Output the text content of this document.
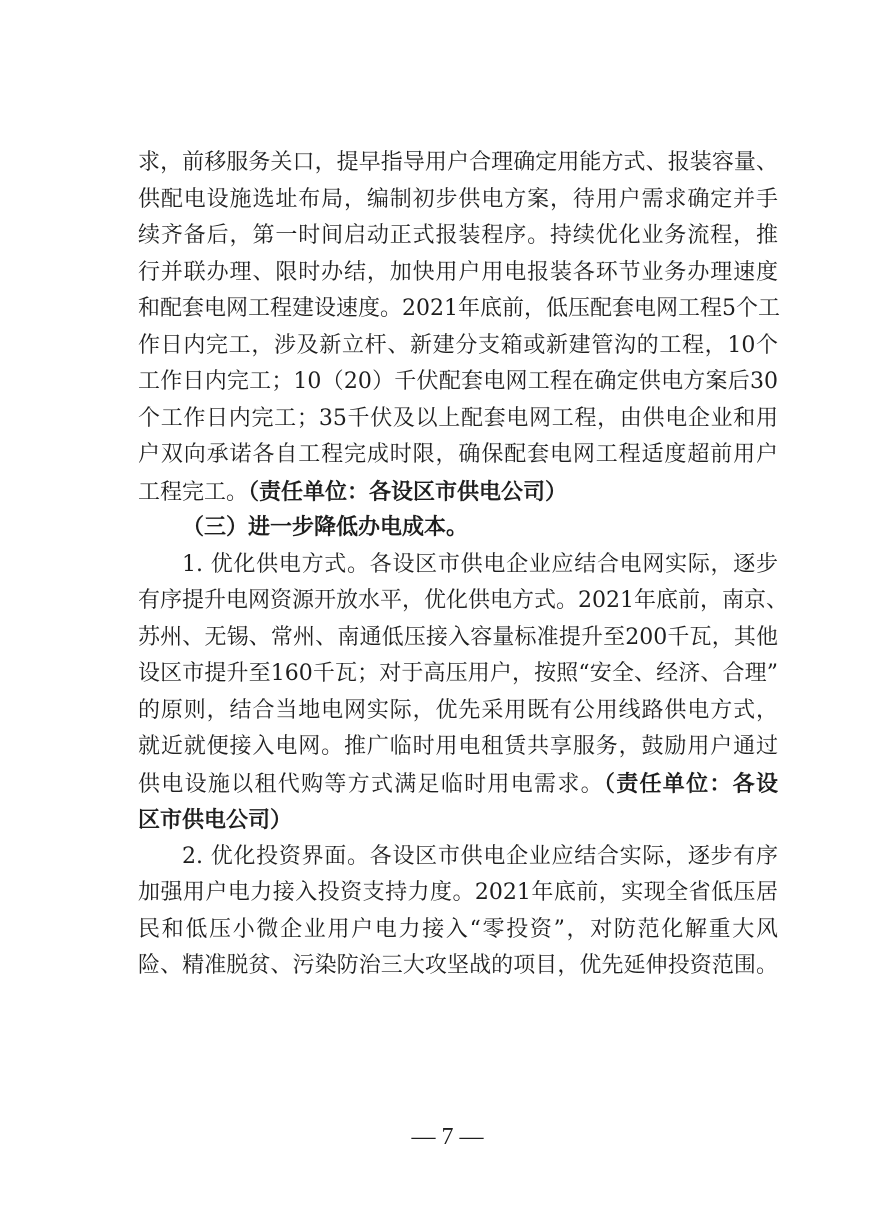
求，前移服务关口，提早指导用户合理确定用能方式、报装容量、
供配电设施选址布局，编制初步供电方案，待用户需求确定并手
续齐备后，第一时间启动正式报装程序。持续优化业务流程，推
行并联办理、限时办结，加快用户用电报装各环节业务办理速度
和配套电网工程建设速度。2021年底前，低压配套电网工程5个工
作日内完工，涉及新立杆、新建分支箱或新建管沟的工程，10个
工作日内完工；10（20）千伏配套电网工程在确定供电方案后30
个工作日内完工；35千伏及以上配套电网工程，由供电企业和用
户双向承诺各自工程完成时限，确保配套电网工程适度超前用户
工程完工。（责任单位：各设区市供电公司）
（三）进一步降低办电成本。
1. 优化供电方式。各设区市供电企业应结合电网实际，逐步
有序提升电网资源开放水平，优化供电方式。2021年底前，南京、
苏州、无锡、常州、南通低压接入容量标准提升至200千瓦，其他
设区市提升至160千瓦；对于高压用户，按照“安全、经济、合理”
的原则，结合当地电网实际，优先采用既有公用线路供电方式，
就近就便接入电网。推广临时用电租赁共享服务，鼓励用户通过
供电设施以租代购等方式满足临时用电需求。（责任单位：各设
区市供电公司）
2. 优化投资界面。各设区市供电企业应结合实际，逐步有序
加强用户电力接入投资支持力度。2021年底前，实现全省低压居
民和低压小微企业用户电力接入“零投资”，对防范化解重大风
险、精准脱贫、污染防治三大攻坚战的项目，优先延伸投资范围。
— 7 —
